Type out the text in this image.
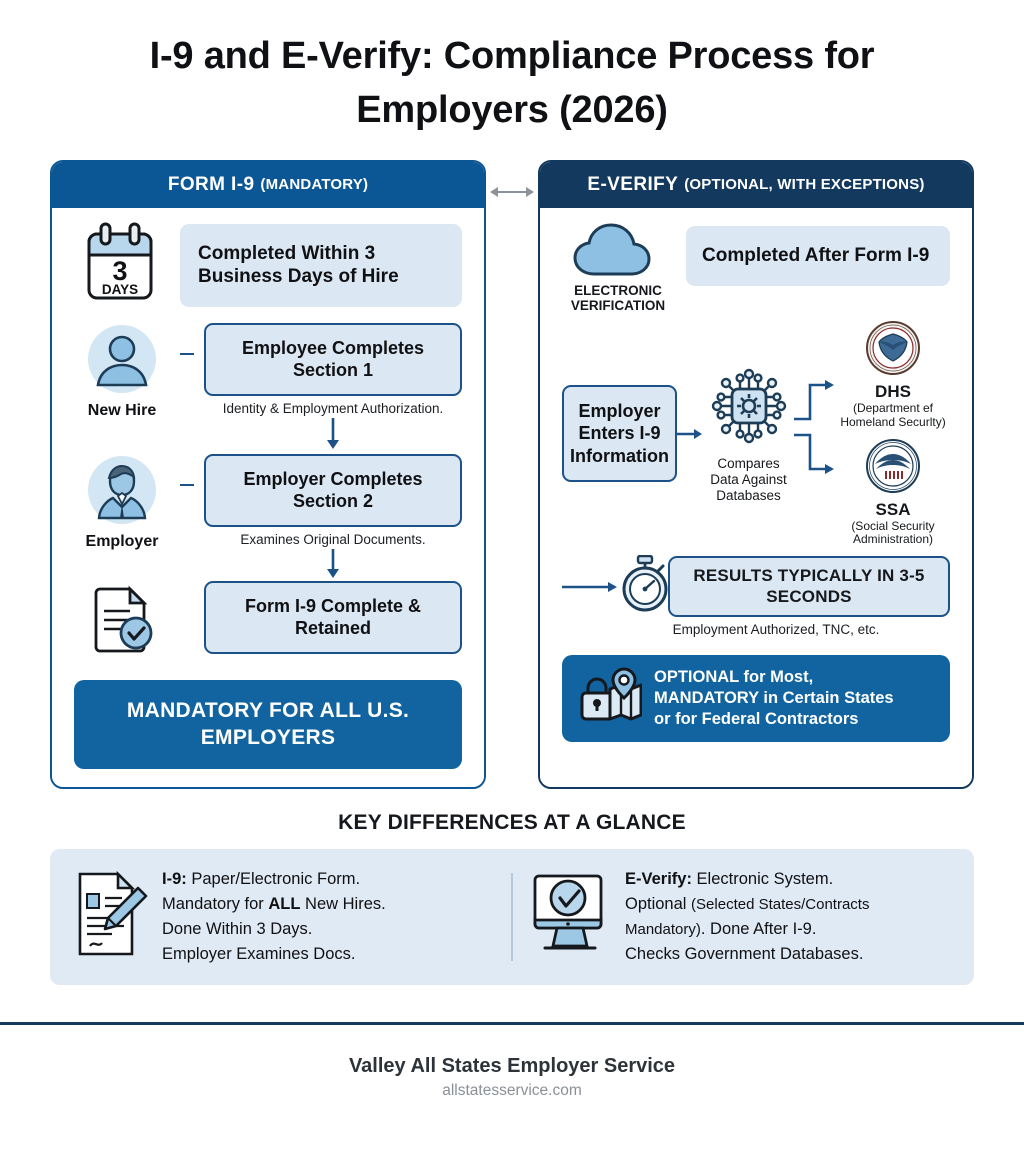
I-9 and E-Verify: Compliance Process for Employers (2026)
FORM I-9 (MANDATORY)
3
DAYS
Completed Within 3 Business Days of Hire
New Hire
Employee Completes Section 1
Identity & Employment Authorization.
Employer
Employer Completes Section 2
Examines Original Documents.
Form I-9 Complete & Retained
MANDATORY FOR ALL U.S. EMPLOYERS
E-VERIFY (OPTIONAL, WITH EXCEPTIONS)
ELECTRONIC
VERIFICATION
Completed After Form I-9
Employer Enters I-9 Information	Compares Data Against Databases
DHS
(Department ef Homeland Securlty)
SSA
(Social Security Administration)
RESULTS TYPICALLY IN 3-5 SECONDS
Employment Authorized, TNC, etc.
OPTIONAL for Most,
MANDATORY in Certain States
or for Federal Contractors
KEY DIFFERENCES AT A GLANCE
I-9: Paper/Electronic Form.
Mandatory for ALL New Hires.
Done Within 3 Days.
Employer Examines Docs.
E-Verify: Electronic System.
Optional (Selected States/Contracts
Mandatory). Done After I-9.
Checks Government Databases.
Valley All States Employer Service
allstatesservice.com
